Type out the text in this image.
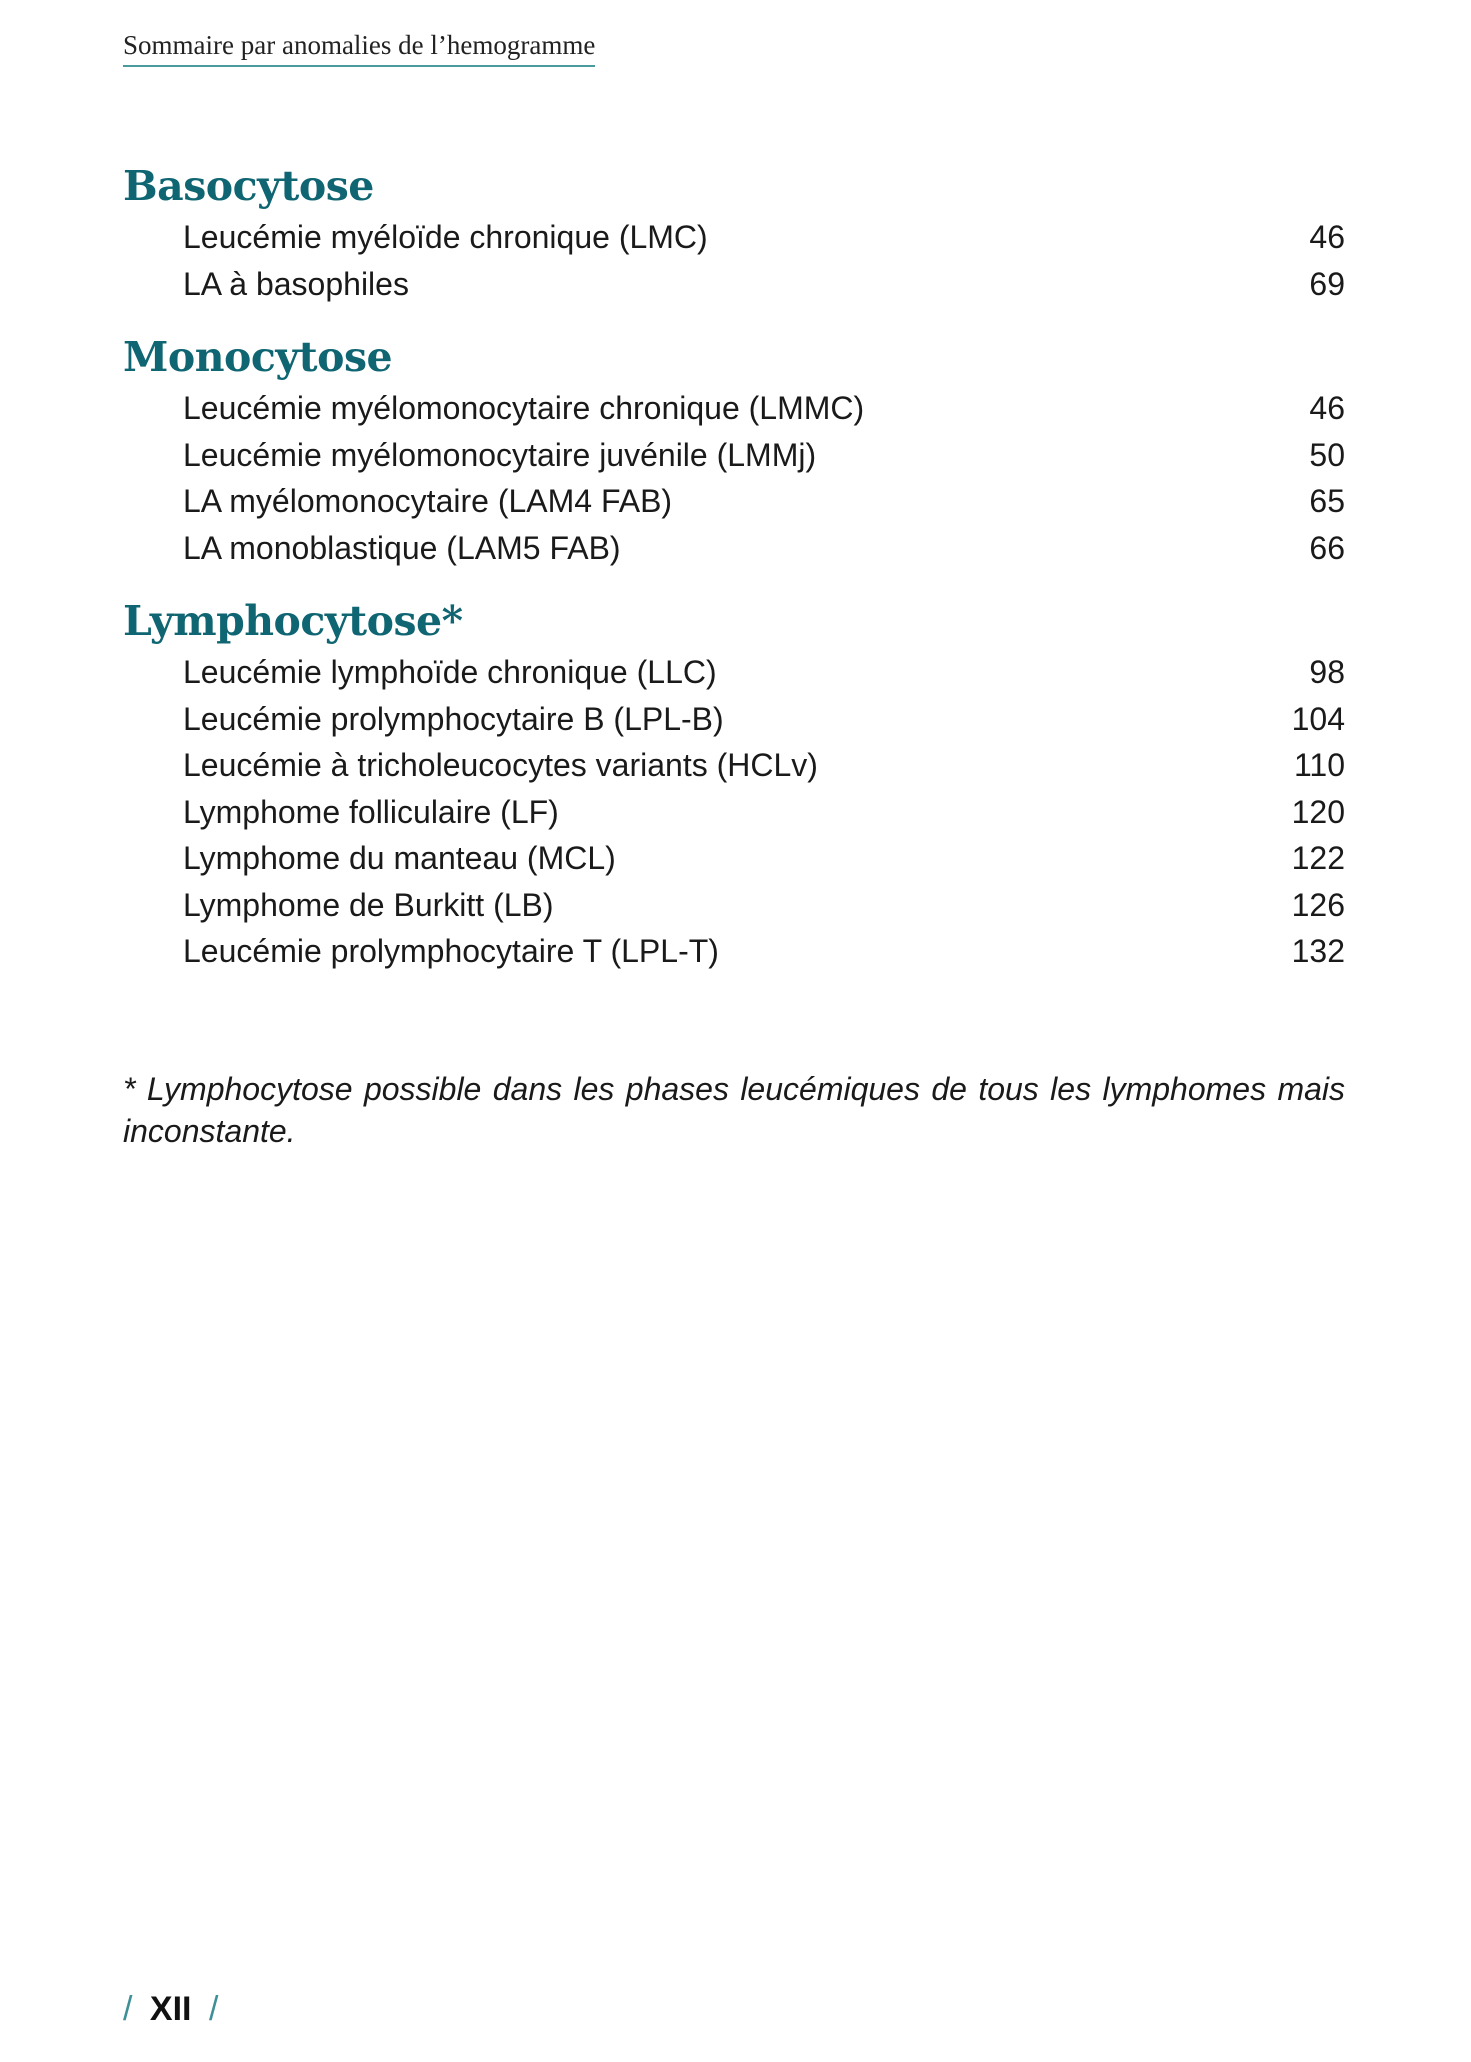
Sommaire par anomalies de l’hemogramme
Basocytose
Leucémie myéloïde chronique (LMC)	46
LA à basophiles	69
Monocytose
Leucémie myélomonocytaire chronique (LMMC)	46
Leucémie myélomonocytaire juvénile (LMMj)	50
LA myélomonocytaire (LAM4 FAB)	65
LA monoblastique (LAM5 FAB)	66
Lymphocytose*
Leucémie lymphoïde chronique (LLC)	98
Leucémie prolymphocytaire B (LPL-B)	104
Leucémie à tricholeucocytes variants (HCLv)	110
Lymphome folliculaire (LF)	120
Lymphome du manteau (MCL)	122
Lymphome de Burkitt (LB)	126
Leucémie prolymphocytaire T (LPL-T)	132
* Lymphocytose possible dans les phases leucémiques de tous les lymphomes mais inconstante.
/ XII /
